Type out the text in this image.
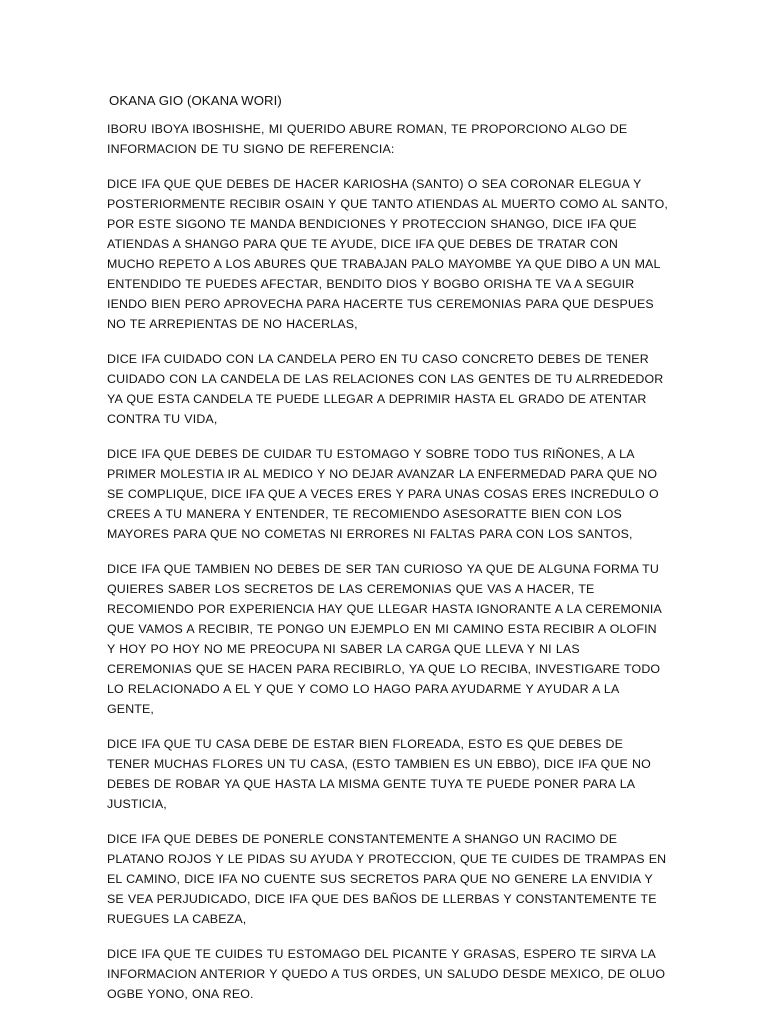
OKANA GIO (OKANA WORI)

IBORU IBOYA IBOSHISHE, MI QUERIDO ABURE ROMAN, TE PROPORCIONO ALGO DE INFORMACION DE TU SIGNO DE REFERENCIA:

DICE IFA QUE QUE DEBES DE HACER KARIOSHA (SANTO) O SEA CORONAR ELEGUA Y POSTERIORMENTE RECIBIR OSAIN Y QUE TANTO ATIENDAS AL MUERTO COMO AL SANTO, POR ESTE SIGONO TE MANDA BENDICIONES Y PROTECCION SHANGO, DICE IFA QUE ATIENDAS A SHANGO PARA QUE TE AYUDE, DICE IFA QUE DEBES DE TRATAR CON MUCHO REPETO A LOS ABURES QUE TRABAJAN PALO MAYOMBE YA QUE DIBO A UN MAL ENTENDIDO TE PUEDES AFECTAR, BENDITO DIOS Y BOGBO ORISHA TE VA A SEGUIR IENDO BIEN PERO APROVECHA PARA HACERTE TUS CEREMONIAS PARA QUE DESPUES NO TE ARREPIENTAS DE NO HACERLAS,

DICE IFA CUIDADO CON LA CANDELA PERO EN TU CASO CONCRETO DEBES DE TENER CUIDADO CON LA CANDELA DE LAS RELACIONES CON LAS GENTES DE TU ALRREDEDOR YA QUE ESTA CANDELA TE PUEDE LLEGAR A DEPRIMIR HASTA EL GRADO DE ATENTAR CONTRA TU VIDA,

DICE IFA QUE DEBES DE CUIDAR TU ESTOMAGO Y SOBRE TODO TUS RIÑONES, A LA PRIMER MOLESTIA IR AL MEDICO Y NO DEJAR AVANZAR LA ENFERMEDAD PARA QUE NO SE COMPLIQUE, DICE IFA QUE A VECES ERES Y PARA UNAS COSAS ERES INCREDULO O CREES A TU MANERA Y ENTENDER, TE RECOMIENDO ASESORATTE BIEN CON LOS MAYORES PARA QUE NO COMETAS NI ERRORES NI FALTAS PARA CON LOS SANTOS,

DICE IFA QUE TAMBIEN NO DEBES DE SER TAN CURIOSO YA QUE DE ALGUNA FORMA TU QUIERES SABER LOS SECRETOS DE LAS CEREMONIAS QUE VAS A HACER, TE RECOMIENDO POR EXPERIENCIA HAY QUE LLEGAR HASTA IGNORANTE A LA CEREMONIA QUE VAMOS A RECIBIR, TE PONGO UN EJEMPLO EN MI CAMINO ESTA RECIBIR A OLOFIN Y HOY PO HOY NO ME PREOCUPA NI SABER LA CARGA QUE LLEVA Y NI LAS CEREMONIAS QUE SE HACEN PARA RECIBIRLO, YA QUE LO RECIBA, INVESTIGARE TODO LO RELACIONADO A EL Y QUE Y COMO LO HAGO PARA AYUDARME Y AYUDAR A LA GENTE,

DICE IFA QUE TU CASA DEBE DE ESTAR BIEN FLOREADA, ESTO ES QUE DEBES DE TENER MUCHAS FLORES UN TU CASA, (ESTO TAMBIEN ES UN EBBO), DICE IFA QUE NO DEBES DE ROBAR YA QUE HASTA LA MISMA GENTE TUYA TE PUEDE PONER PARA LA JUSTICIA,

DICE IFA QUE DEBES DE PONERLE CONSTANTEMENTE A SHANGO UN RACIMO DE PLATANO ROJOS Y LE PIDAS SU AYUDA Y PROTECCION, QUE TE CUIDES DE TRAMPAS EN EL CAMINO, DICE IFA NO CUENTE SUS SECRETOS PARA QUE NO GENERE LA ENVIDIA Y SE VEA PERJUDICADO, DICE IFA QUE DES BAÑOS DE LLERBAS Y CONSTANTEMENTE TE RUEGUES LA CABEZA,

DICE IFA QUE TE CUIDES TU ESTOMAGO DEL PICANTE Y GRASAS, ESPERO TE SIRVA LA INFORMACION ANTERIOR Y QUEDO A TUS ORDES, UN SALUDO DESDE MEXICO, DE OLUO OGBE YONO, ONA REO.
